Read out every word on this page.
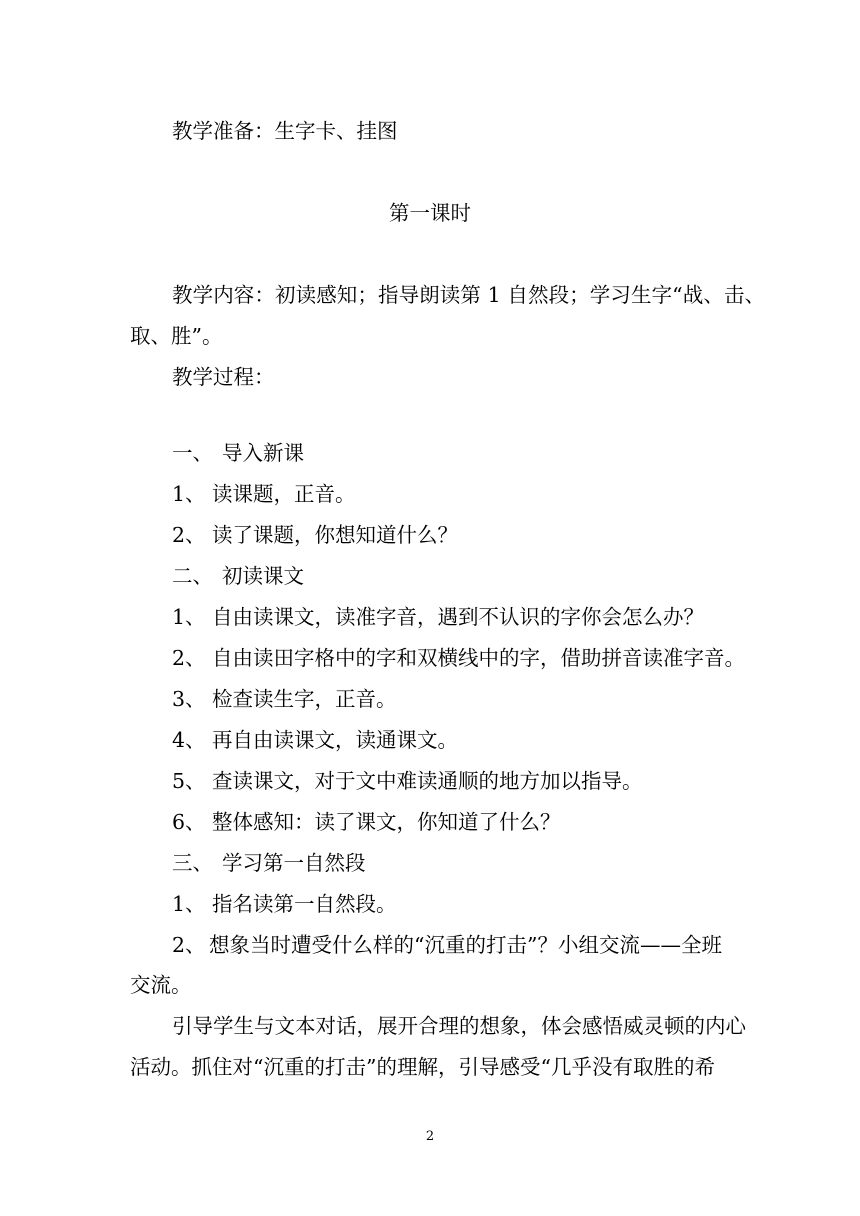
教学准备：生字卡、挂图
第一课时
教学内容：初读感知；指导朗读第 1 自然段；学习生字“战、击、
取、胜”。
教学过程：
一、 导入新课
1、 读课题，正音。
2、 读了课题，你想知道什么？
二、 初读课文
1、 自由读课文，读准字音，遇到不认识的字你会怎么办？
2、 自由读田字格中的字和双横线中的字，借助拼音读准字音。
3、 检查读生字，正音。
4、 再自由读课文，读通课文。
5、 查读课文，对于文中难读通顺的地方加以指导。
6、 整体感知：读了课文，你知道了什么？
三、 学习第一自然段
1、 指名读第一自然段。
2、 想象当时遭受什么样的“沉重的打击”？小组交流——全班
交流。
引导学生与文本对话，展开合理的想象，体会感悟威灵顿的内心
活动。抓住对“沉重的打击”的理解，引导感受“几乎没有取胜的希
2
